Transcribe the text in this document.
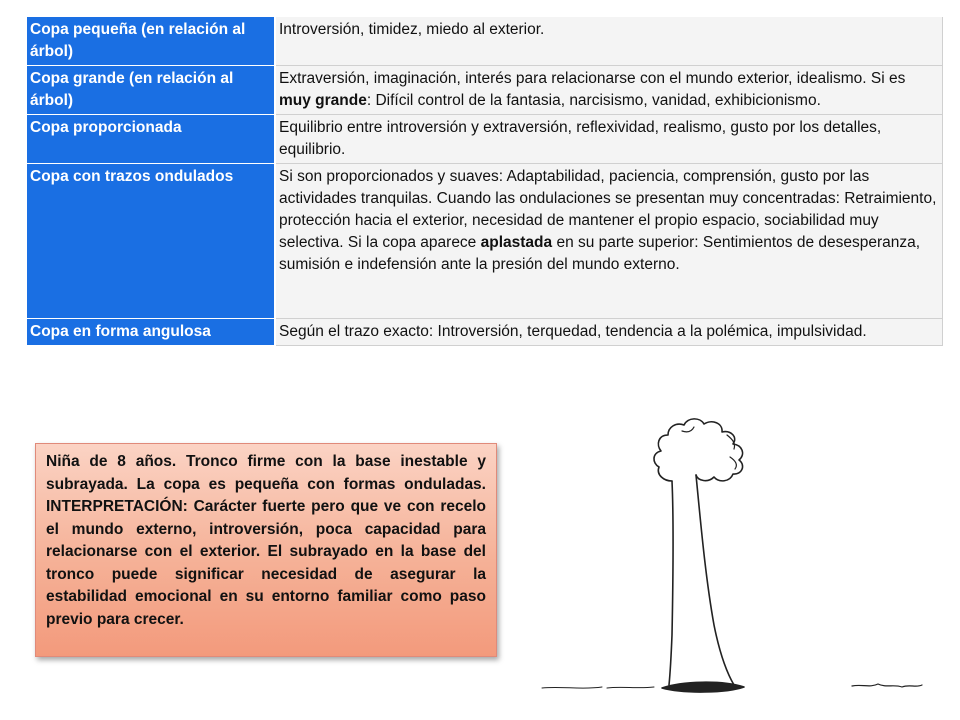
Copa pequeña (en relación al árbol)	Introversión, timidez, miedo al exterior.
Copa grande (en relación al árbol)	Extraversión, imaginación, interés para relacionarse con el mundo exterior, idealismo. Si es muy grande: Difícil control de la fantasia, narcisismo, vanidad, exhibicionismo.
Copa proporcionada	Equilibrio entre introversión y extraversión, reflexividad, realismo, gusto por los detalles, equilibrio.
Copa con trazos ondulados	Si son proporcionados y suaves: Adaptabilidad, paciencia, comprensión, gusto por las actividades tranquilas. Cuando las ondulaciones se presentan muy concentradas: Retraimiento, protección hacia el exterior, necesidad de mantener el propio espacio, sociabilidad muy selectiva. Si la copa aparece aplastada en su parte superior: Sentimientos de desesperanza, sumisión e indefensión ante la presión del mundo externo.
Copa en forma angulosa	Según el trazo exacto: Introversión, terquedad, tendencia a la polémica, impulsividad.
Niña de 8 años. Tronco firme con la base inestable y subrayada. La copa es pequeña con formas onduladas. INTERPRETACIÓN: Carácter fuerte pero que ve con recelo el mundo externo, introversión, poca capacidad para relacionarse con el exterior. El subrayado en la base del tronco puede significar necesidad de asegurar la estabilidad emocional en su entorno familiar como paso previo para crecer.
